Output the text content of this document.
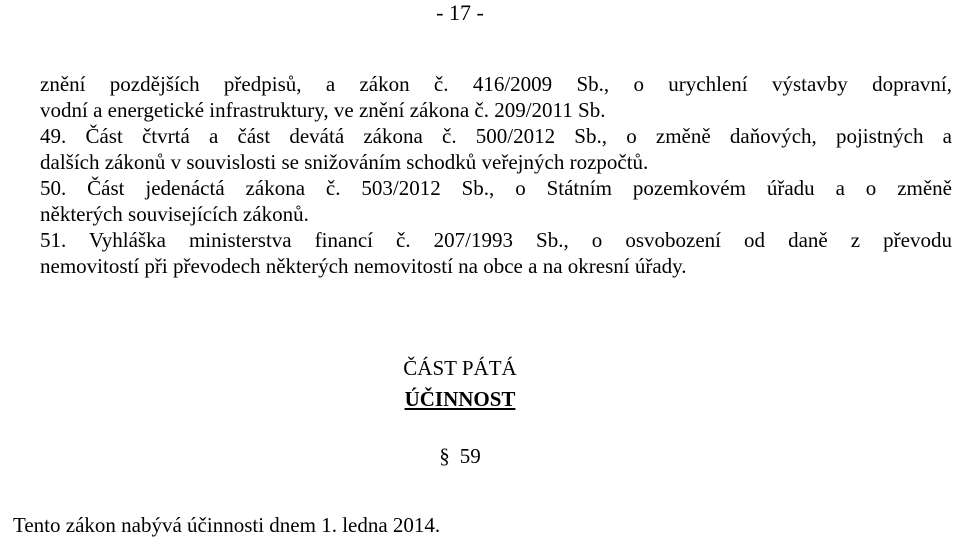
- 17 -
znění pozdějších předpisů, a zákon č. 416/2009 Sb., o urychlení výstavby dopravní,
vodní a energetické infrastruktury, ve znění zákona č. 209/2011 Sb.
49. Část čtvrtá a část devátá zákona č. 500/2012 Sb., o změně daňových, pojistných a
dalších zákonů v souvislosti se snižováním schodků veřejných rozpočtů.
50. Část jedenáctá zákona č. 503/2012 Sb., o Státním pozemkovém úřadu a o změně
některých souvisejících zákonů.
51. Vyhláška ministerstva financí č. 207/1993 Sb., o osvobození od daně z převodu
nemovitostí při převodech některých nemovitostí na obce a na okresní úřady.
ČÁST PÁTÁ
ÚČINNOST
§ 59
Tento zákon nabývá účinnosti dnem 1. ledna 2014.
